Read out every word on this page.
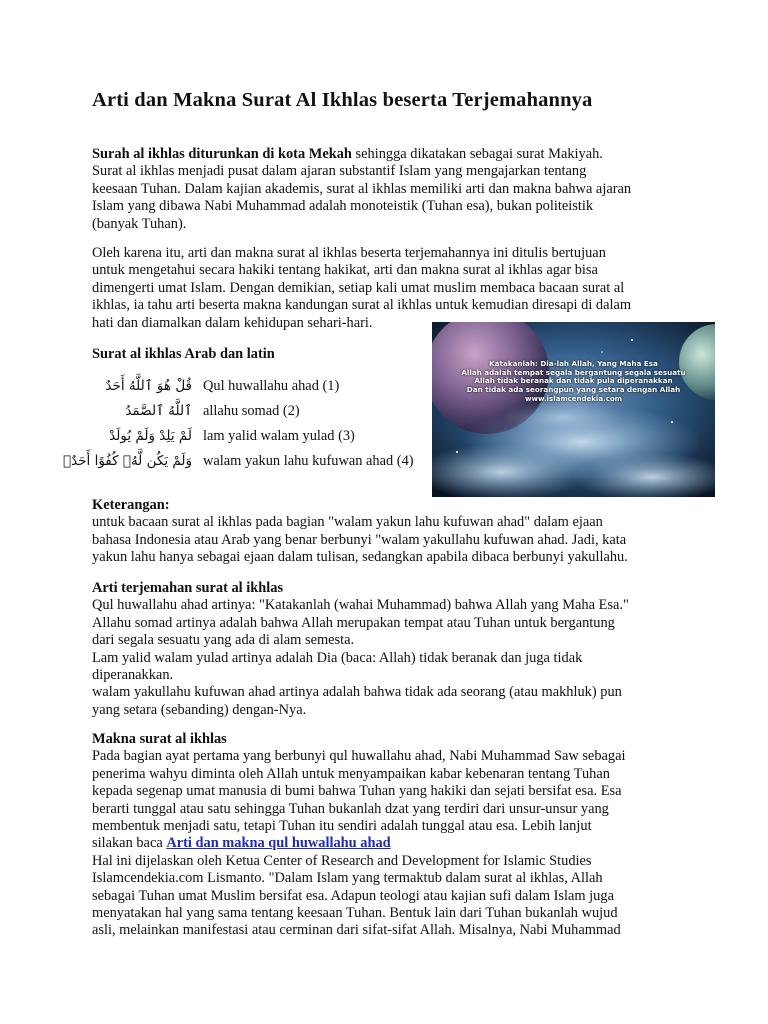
Arti dan Makna Surat Al Ikhlas beserta Terjemahannya
Surah al ikhlas diturunkan di kota Mekah sehingga dikatakan sebagai surat Makiyah.
Surat al ikhlas menjadi pusat dalam ajaran substantif Islam yang mengajarkan tentang
keesaan Tuhan. Dalam kajian akademis, surat al ikhlas memiliki arti dan makna bahwa ajaran
Islam yang dibawa Nabi Muhammad adalah monoteistik (Tuhan esa), bukan politeistik
(banyak Tuhan).
Oleh karena itu, arti dan makna surat al ikhlas beserta terjemahannya ini ditulis bertujuan
untuk mengetahui secara hakiki tentang hakikat, arti dan makna surat al ikhlas agar bisa
dimengerti umat Islam. Dengan demikian, setiap kali umat muslim membaca bacaan surat al
ikhlas, ia tahu arti beserta makna kandungan surat al ikhlas untuk kemudian diresapi di dalam
hati dan diamalkan dalam kehidupan sehari-hari.
Surat al ikhlas Arab dan latin
قُلْ هُوَ ٱللَّهُ أَحَدٌ Qul huwallahu ahad (1)
ٱللَّهُ ٱلصَّمَدُ allahu somad (2)
لَمْ يَلِدْ وَلَمْ يُولَدْ lam yalid walam yulad (3)
وَلَمْ يَكُن لَّهُۥ كُفُوًا أَحَدٌۢ walam yakun lahu kufuwan ahad (4)
Katakanlah: Dia-lah Allah, Yang Maha Esa
Allah adalah tempat segala bergantung segala sesuatu
Allah tidak beranak dan tidak pula diperanakkan
Dan tidak ada seorangpun yang setara dengan Allah
www.islamcendekia.com
Keterangan:
untuk bacaan surat al ikhlas pada bagian "walam yakun lahu kufuwan ahad" dalam ejaan
bahasa Indonesia atau Arab yang benar berbunyi "walam yakullahu kufuwan ahad. Jadi, kata
yakun lahu hanya sebagai ejaan dalam tulisan, sedangkan apabila dibaca berbunyi yakullahu.
Arti terjemahan surat al ikhlas
Qul huwallahu ahad artinya: "Katakanlah (wahai Muhammad) bahwa Allah yang Maha Esa."
Allahu somad artinya adalah bahwa Allah merupakan tempat atau Tuhan untuk bergantung
dari segala sesuatu yang ada di alam semesta.
Lam yalid walam yulad artinya adalah Dia (baca: Allah) tidak beranak dan juga tidak
diperanakkan.
walam yakullahu kufuwan ahad artinya adalah bahwa tidak ada seorang (atau makhluk) pun
yang setara (sebanding) dengan-Nya.
Makna surat al ikhlas
Pada bagian ayat pertama yang berbunyi qul huwallahu ahad, Nabi Muhammad Saw sebagai
penerima wahyu diminta oleh Allah untuk menyampaikan kabar kebenaran tentang Tuhan
kepada segenap umat manusia di bumi bahwa Tuhan yang hakiki dan sejati bersifat esa. Esa
berarti tunggal atau satu sehingga Tuhan bukanlah dzat yang terdiri dari unsur-unsur yang
membentuk menjadi satu, tetapi Tuhan itu sendiri adalah tunggal atau esa. Lebih lanjut
silakan baca Arti dan makna qul huwallahu ahad
Hal ini dijelaskan oleh Ketua Center of Research and Development for Islamic Studies
Islamcendekia.com Lismanto. "Dalam Islam yang termaktub dalam surat al ikhlas, Allah
sebagai Tuhan umat Muslim bersifat esa. Adapun teologi atau kajian sufi dalam Islam juga
menyatakan hal yang sama tentang keesaan Tuhan. Bentuk lain dari Tuhan bukanlah wujud
asli, melainkan manifestasi atau cerminan dari sifat-sifat Allah. Misalnya, Nabi Muhammad
